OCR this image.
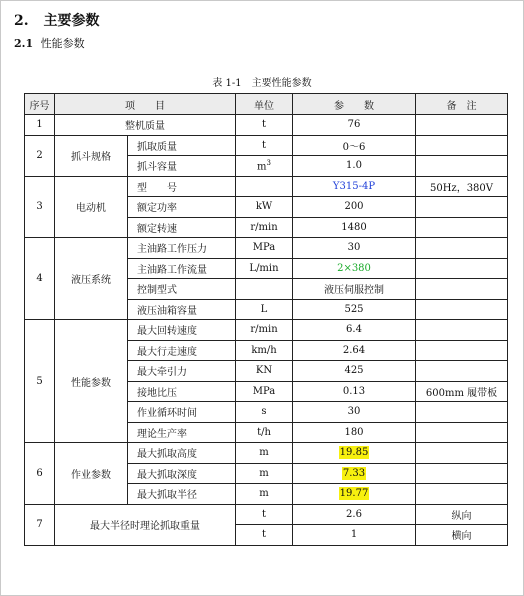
2. 主要参数
2.1 性能参数
表 1-1　主要性能参数
序号	项　　目		单位	参　　数	备　注
1	整机质量		t	76	
2	抓斗规格	抓取质量	t	0～6	
		抓斗容量	$m^3$	1.0	
3	电动机	型　　号		Y315-4P	50Hz，380V
		额定功率	kW	200	
		额定转速	r/min	1480	
4	液压系统	主油路工作压力	MPa	30	
		主油路工作流量	L/min	2×380	
		控制型式		液压伺服控制	
		液压油箱容量	L	525	
5	性能参数	最大回转速度	r/min	6.4	
		最大行走速度	km/h	2.64	
		最大牵引力	KN	425	
		接地比压	MPa	0.13	600mm 履带板
		作业循环时间	s	30	
		理论生产率	t/h	180	
6	作业参数	最大抓取高度	m	19.85	
		最大抓取深度	m	7.33	
		最大抓取半径	m	19.77	
7	最大半径时理论抓取重量		t	2.6	纵向
			t	1	横向
